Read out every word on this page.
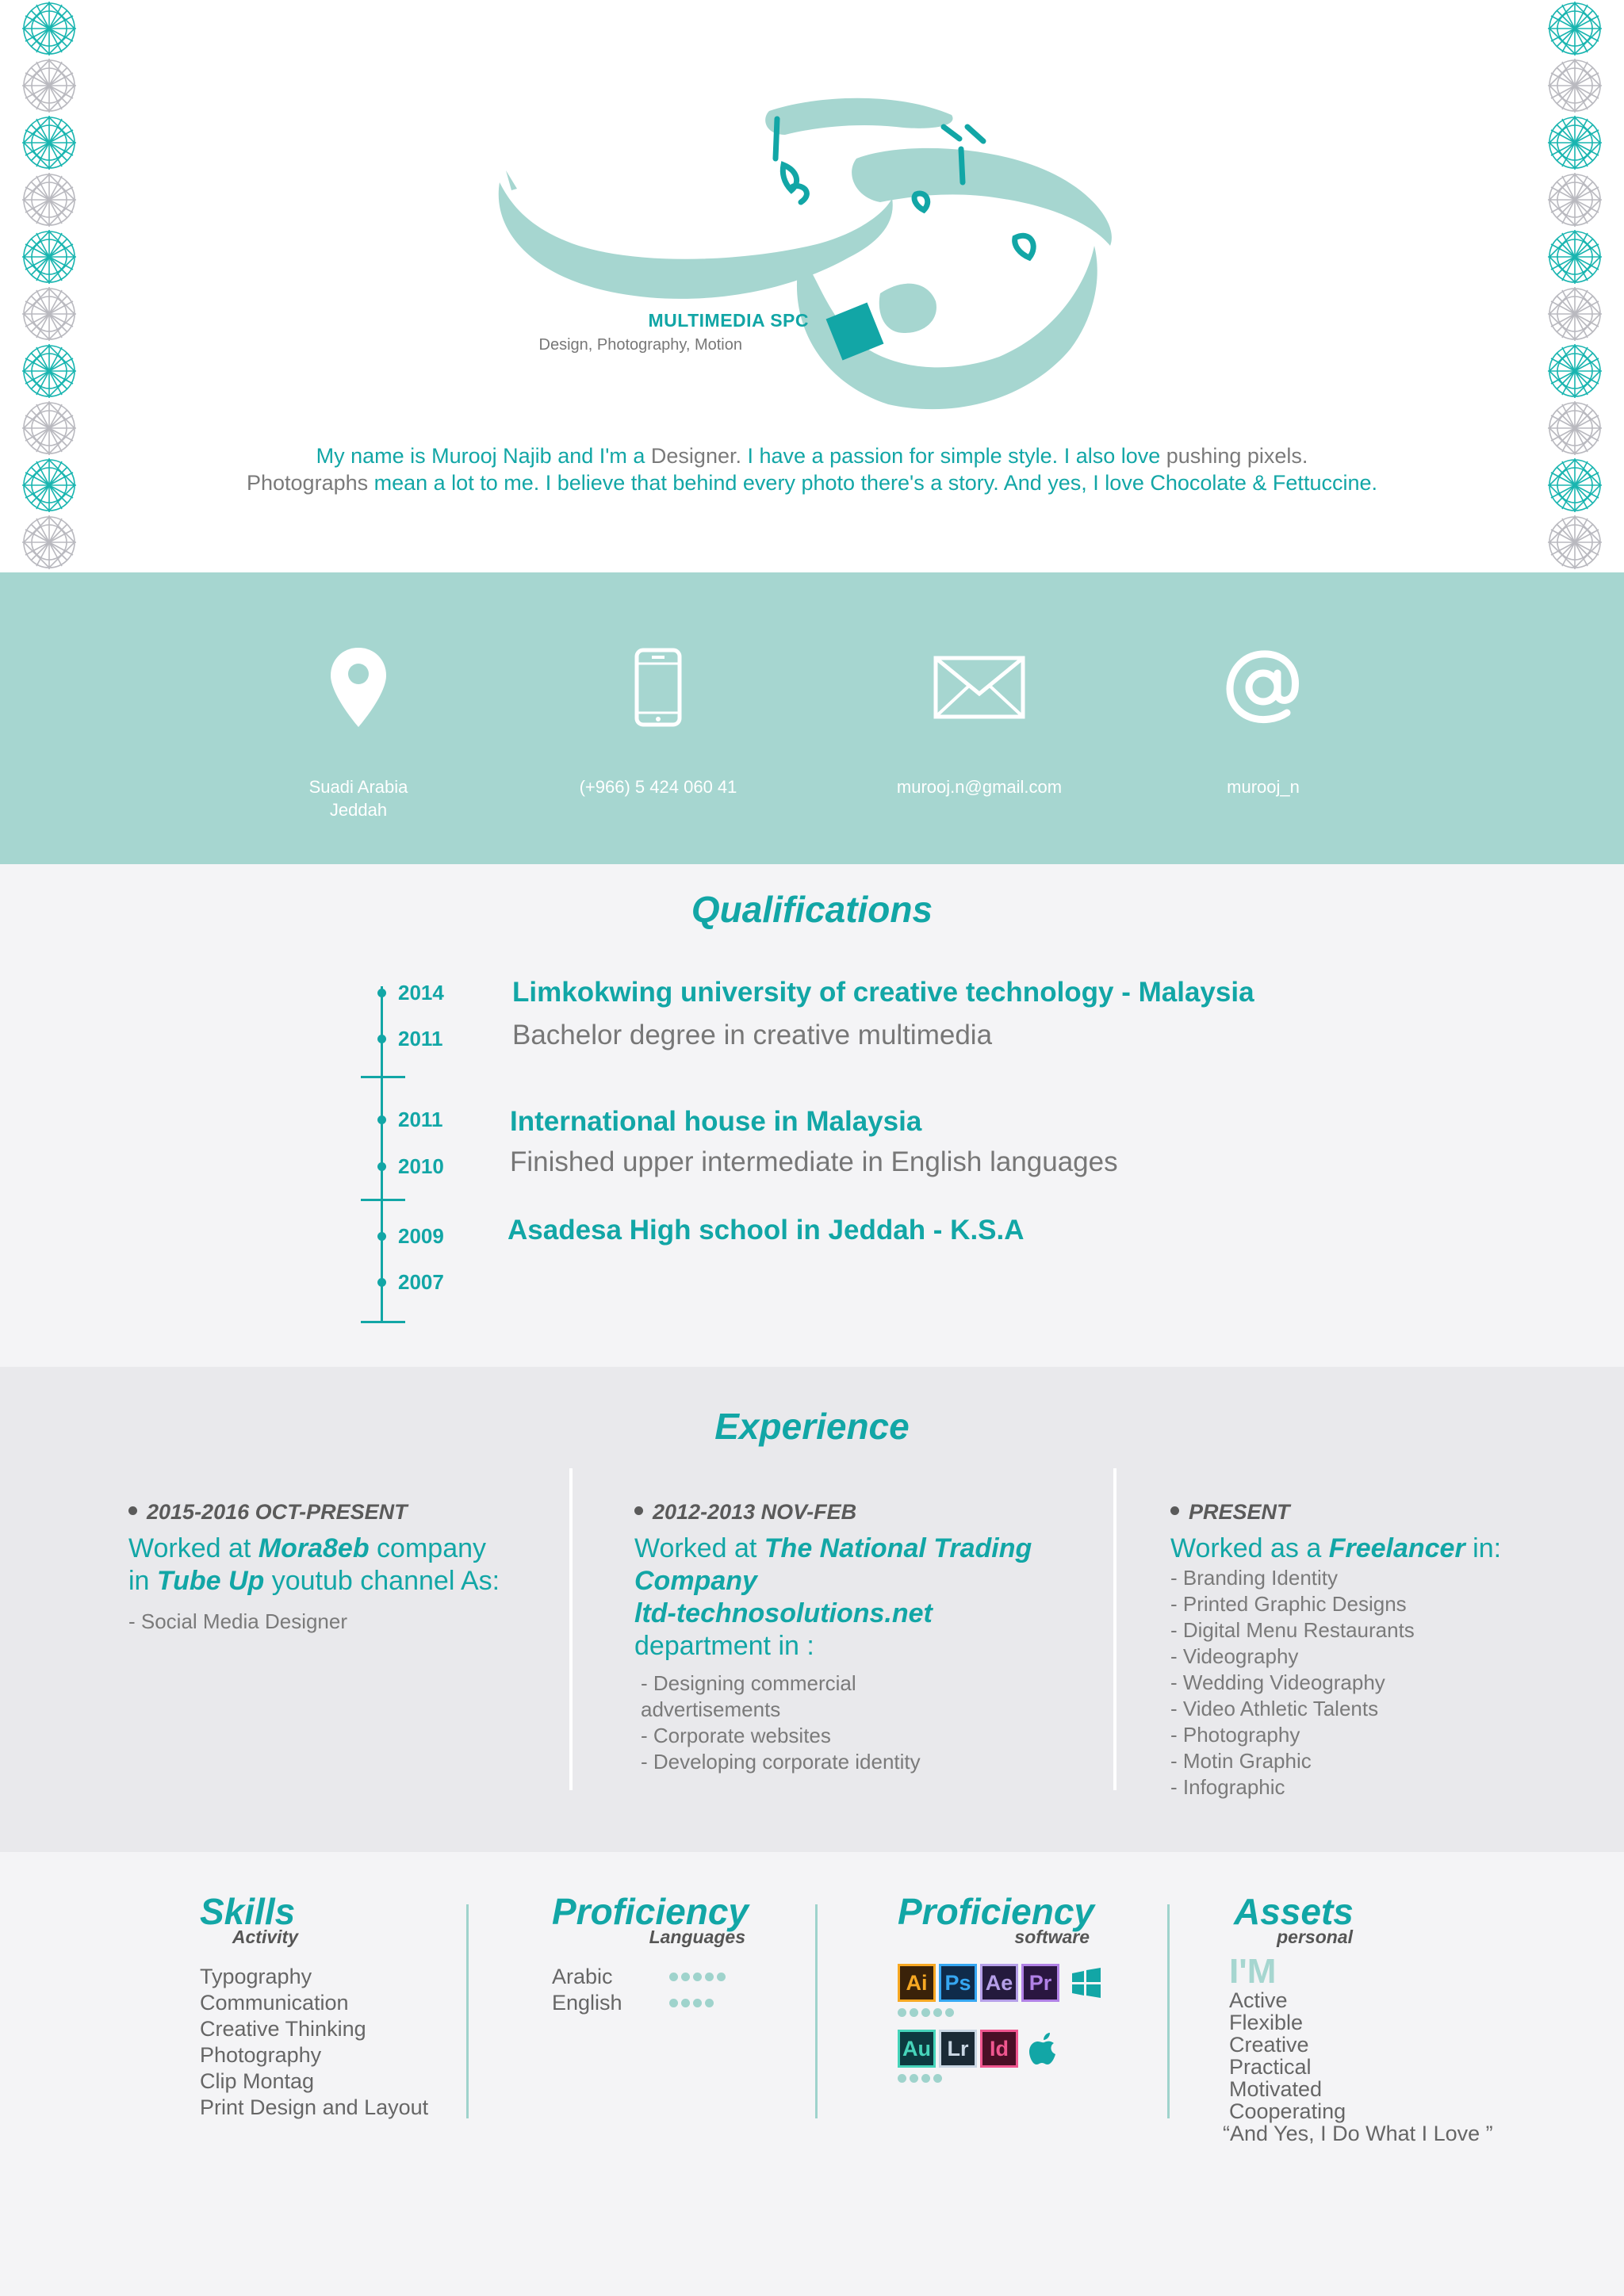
MULTIMEDIA SPC
Design, Photography, Motion
My name is Murooj Najib and I'm a Designer. I have a passion for simple style. I also love pushing pixels.
Photographs mean a lot to me. I believe that behind every photo there's a story. And yes, I love Chocolate & Fettuccine.
Suadi Arabia
Jeddah
(+966) 5 424 060 41	murooj.n@gmail.com	murooj_n
Qualifications
2014
2011
2011
2010
2009
2007
Limkokwing university of creative technology - Malaysia
Bachelor degree in creative multimedia
International house in Malaysia
Finished upper intermediate in English languages
Asadesa High school in Jeddah - K.S.A
Experience
2015-2016 OCT-PRESENT
Worked at Mora8eb company
in Tube Up youtub channel As:
- Social Media Designer
2012-2013 NOV-FEB
Worked at The National Trading
Company
ltd-technosolutions.net
department in :
- Designing commercial
advertisements
- Corporate websites
- Developing corporate identity
PRESENT
Worked as a Freelancer in:
- Branding Identity
- Printed Graphic Designs
- Digital Menu Restaurants
- Videography
- Wedding Videography
- Video Athletic Talents
- Photography
- Motin Graphic
- Infographic
Skills
Activity
Typography
Communication
Creative Thinking
Photography
Clip Montag
Print Design and Layout
Proficiency
Languages
Arabic
English
Proficiency
software
Ai Ps Ae Pr
Au Lr Id
Assets
personal
I'M
Active
Flexible
Creative
Practical
Motivated
Cooperating
“And Yes, I Do What I Love ”
